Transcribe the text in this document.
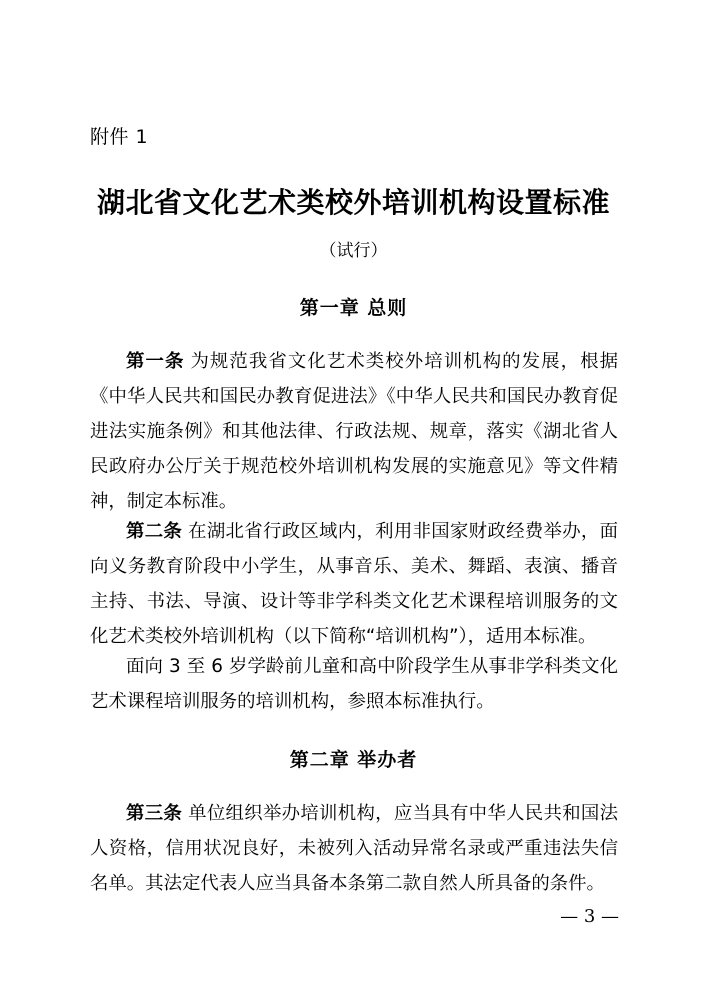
附件 1
湖北省文化艺术类校外培训机构设置标准
（试行）
第一章 总则
第一条 为规范我省文化艺术类校外培训机构的发展，根据《中华人民共和国民办教育促进法》《中华人民共和国民办教育促进法实施条例》和其他法律、行政法规、规章，落实《湖北省人民政府办公厅关于规范校外培训机构发展的实施意见》等文件精神，制定本标准。
第二条 在湖北省行政区域内，利用非国家财政经费举办，面向义务教育阶段中小学生，从事音乐、美术、舞蹈、表演、播音主持、书法、导演、设计等非学科类文化艺术课程培训服务的文化艺术类校外培训机构（以下简称“培训机构”），适用本标准。
面向 3 至 6 岁学龄前儿童和高中阶段学生从事非学科类文化艺术课程培训服务的培训机构，参照本标准执行。
第二章 举办者
第三条 单位组织举办培训机构，应当具有中华人民共和国法人资格，信用状况良好，未被列入活动异常名录或严重违法失信名单。其法定代表人应当具备本条第二款自然人所具备的条件。
— 3 —
